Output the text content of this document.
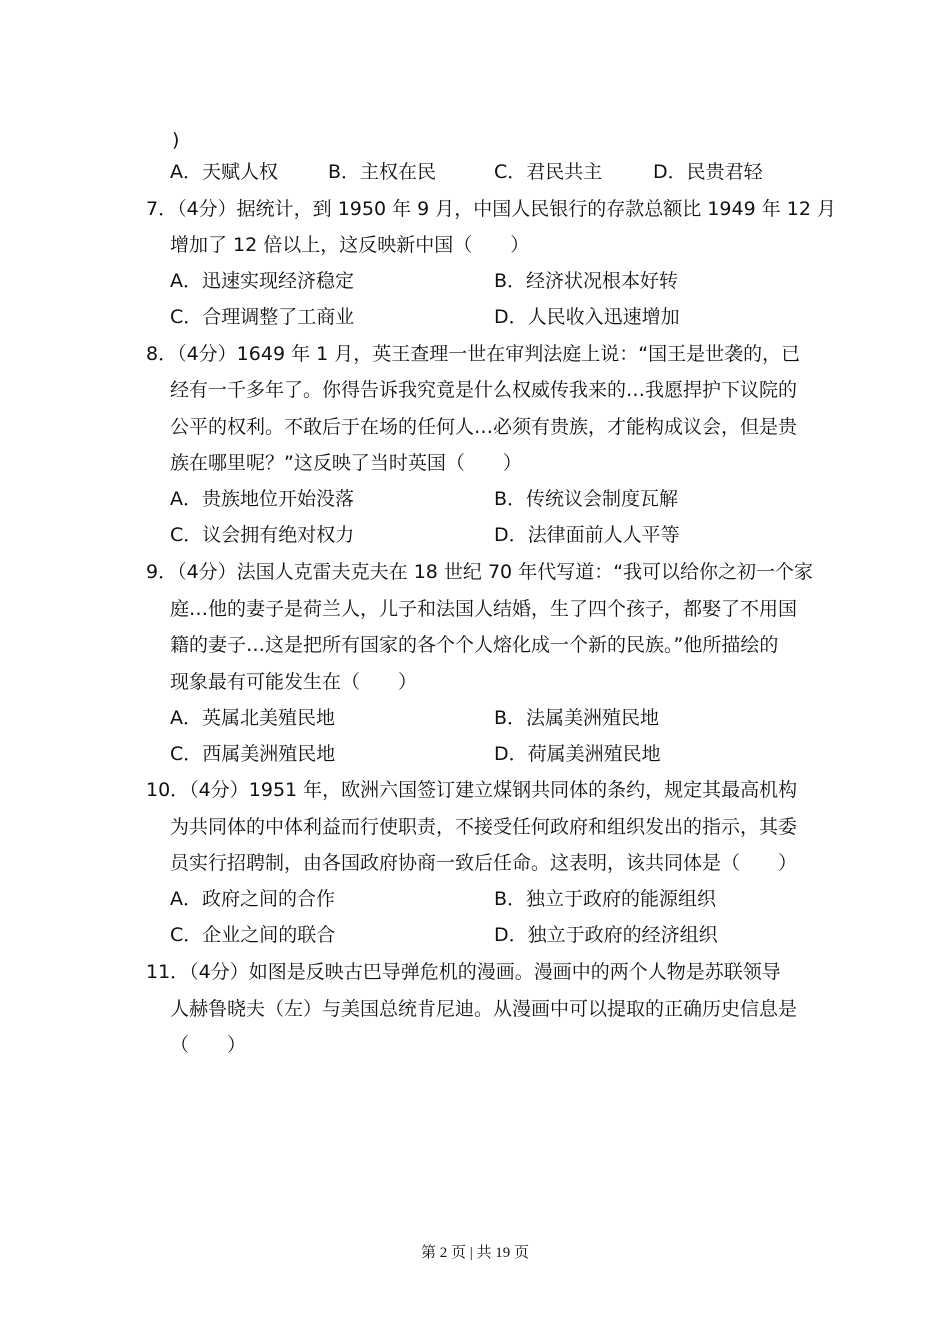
)
A．天赋人权	B．主权在民	C．君民共主	D．民贵君轻
7．（4分）据统计，到 1950 年 9 月，中国人民银行的存款总额比 1949 年 12 月
增加了 12 倍以上，这反映新中国（　　）
A．迅速实现经济稳定	B．经济状况根本好转
C．合理调整了工商业	D．人民收入迅速增加
8．（4分）1649 年 1 月，英王查理一世在审判法庭上说：“国王是世袭的，已
经有一千多年了。你得告诉我究竟是什么权威传我来的…我愿捍护下议院的
公平的权利。不敢后于在场的任何人…必须有贵族，才能构成议会，但是贵
族在哪里呢？”这反映了当时英国（　　）
A．贵族地位开始没落	B．传统议会制度瓦解
C．议会拥有绝对权力	D．法律面前人人平等
9．（4分）法国人克雷夫克夫在 18 世纪 70 年代写道：“我可以给你之初一个家
庭…他的妻子是荷兰人，儿子和法国人结婚，生了四个孩子，都娶了不用国
籍的妻子…这是把所有国家的各个个人熔化成一个新的民族。”他所描绘的
现象最有可能发生在（　　）
A．英属北美殖民地	B．法属美洲殖民地
C．西属美洲殖民地	D．荷属美洲殖民地
10．（4分）1951 年，欧洲六国签订建立煤钢共同体的条约，规定其最高机构
为共同体的中体利益而行使职责，不接受任何政府和组织发出的指示，其委
员实行招聘制，由各国政府协商一致后任命。这表明，该共同体是（　　）
A．政府之间的合作	B．独立于政府的能源组织
C．企业之间的联合	D．独立于政府的经济组织
11．（4分）如图是反映古巴导弹危机的漫画。漫画中的两个人物是苏联领导
人赫鲁晓夫（左）与美国总统肯尼迪。从漫画中可以提取的正确历史信息是
（　　）
第 2 页 | 共 19 页
